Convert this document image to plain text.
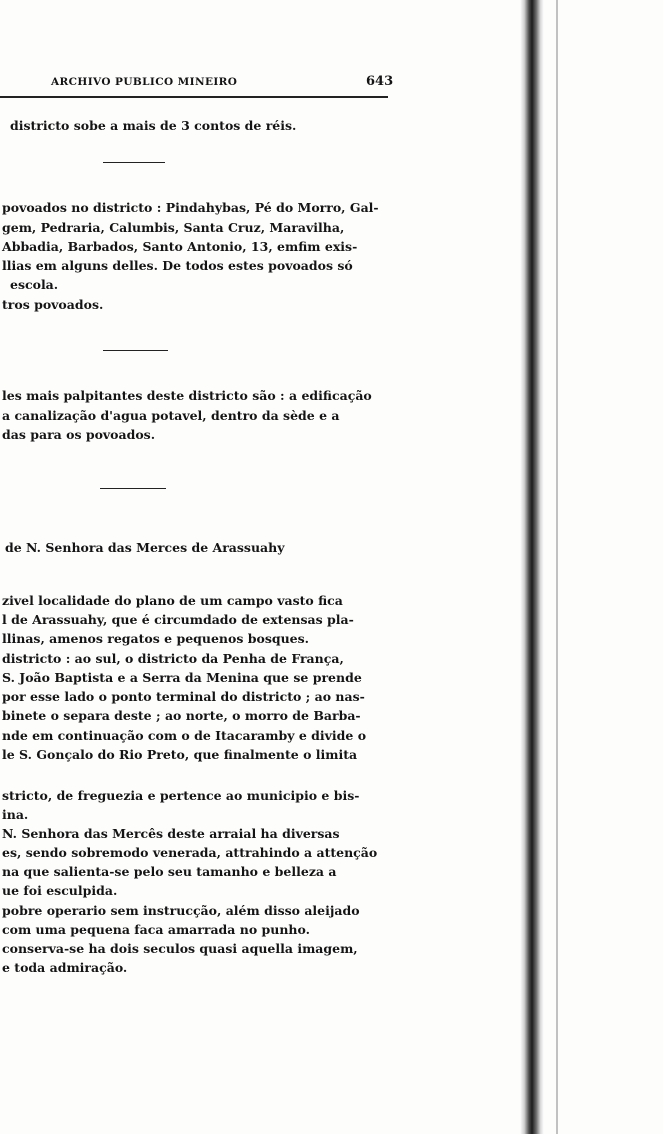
ARCHIVO PUBLICO MINEIRO	643
districto sobe a mais de 3 contos de réis.
povoados no districto : Pindahybas, Pé do Morro, Gal-
gem, Pedraria, Calumbis, Santa Cruz, Maravilha,
Abbadia, Barbados, Santo Antonio, 13, emfim exis-
llias em alguns delles. De todos estes povoados só
escola.
tros povoados.
les mais palpitantes deste districto são : a edificação
a canalização d'agua potavel, dentro da sède e a
das para os povoados.
de N. Senhora das Merces de Arassuahy
zivel localidade do plano de um campo vasto fica
l de Arassuahy, que é circumdado de extensas pla-
llinas, amenos regatos e pequenos bosques.
districto : ao sul, o districto da Penha de França,
S. João Baptista e a Serra da Menina que se prende
por esse lado o ponto terminal do districto ; ao nas-
binete o separa deste ; ao norte, o morro de Barba-
nde em continuação com o de Itacaramby e divide o
le S. Gonçalo do Rio Preto, que finalmente o limita
stricto, de freguezia e pertence ao municipio e bis-
ina.
N. Senhora das Mercês deste arraial ha diversas
es, sendo sobremodo venerada, attrahindo a attenção
na que salienta-se pelo seu tamanho e belleza a
ue foi esculpida.
pobre operario sem instrucção, além disso aleijado
com uma pequena faca amarrada no punho.
conserva-se ha dois seculos quasi aquella imagem,
e toda admiração.
